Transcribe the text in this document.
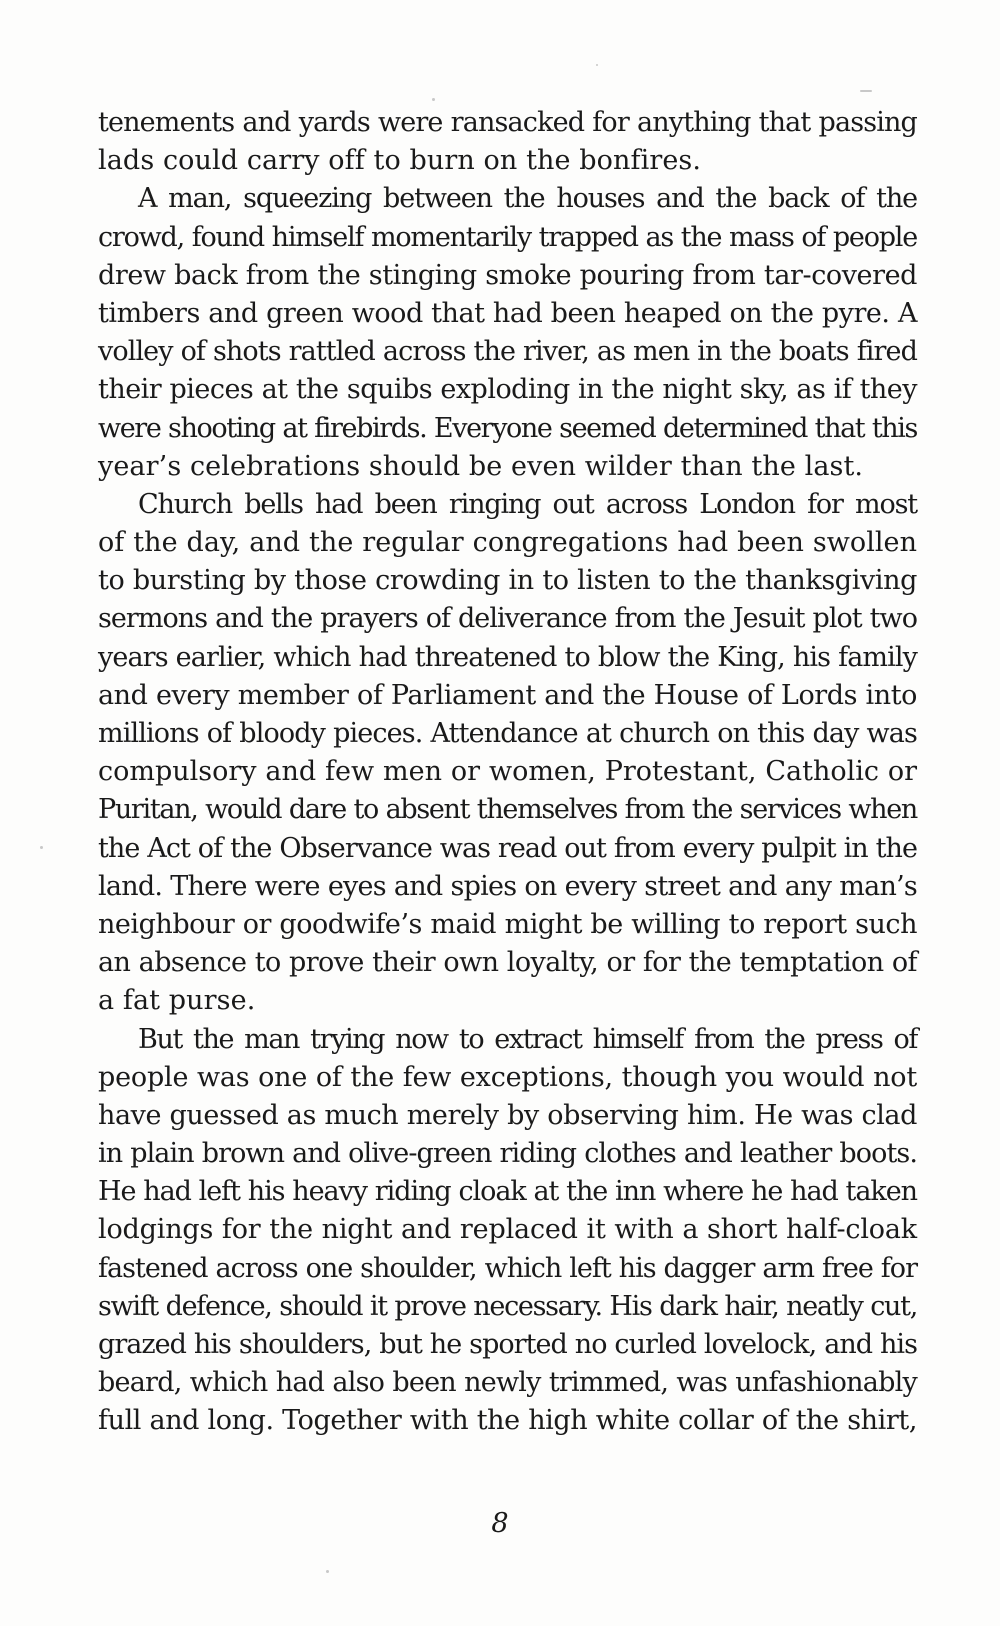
tenements and yards were ransacked for anything that passing
lads could carry off to burn on the bonfires.
A man, squeezing between the houses and the back of the
crowd, found himself momentarily trapped as the mass of people
drew back from the stinging smoke pouring from tar-covered
timbers and green wood that had been heaped on the pyre. A
volley of shots rattled across the river, as men in the boats fired
their pieces at the squibs exploding in the night sky, as if they
were shooting at firebirds. Everyone seemed determined that this
year’s celebrations should be even wilder than the last.
Church bells had been ringing out across London for most
of the day, and the regular congregations had been swollen
to bursting by those crowding in to listen to the thanksgiving
sermons and the prayers of deliverance from the Jesuit plot two
years earlier, which had threatened to blow the King, his family
and every member of Parliament and the House of Lords into
millions of bloody pieces. Attendance at church on this day was
compulsory and few men or women, Protestant, Catholic or
Puritan, would dare to absent themselves from the services when
the Act of the Observance was read out from every pulpit in the
land. There were eyes and spies on every street and any man’s
neighbour or goodwife’s maid might be willing to report such
an absence to prove their own loyalty, or for the temptation of
a fat purse.
But the man trying now to extract himself from the press of
people was one of the few exceptions, though you would not
have guessed as much merely by observing him. He was clad
in plain brown and olive-green riding clothes and leather boots.
He had left his heavy riding cloak at the inn where he had taken
lodgings for the night and replaced it with a short half-cloak
fastened across one shoulder, which left his dagger arm free for
swift defence, should it prove necessary. His dark hair, neatly cut,
grazed his shoulders, but he sported no curled lovelock, and his
beard, which had also been newly trimmed, was unfashionably
full and long. Together with the high white collar of the shirt,
8
